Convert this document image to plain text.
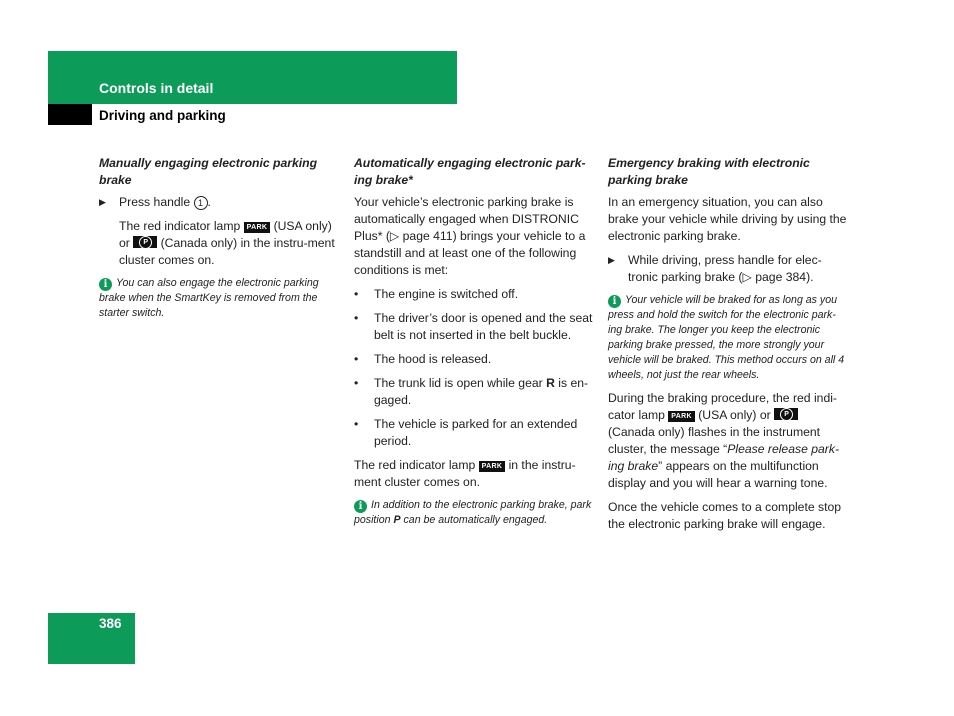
Controls in detail
Driving and parking
Manually engaging electronic parking brake
▶ Press handle 1 .

The red indicator lamp PARK (USA only) or	P	(Canada only) in the instru-ment cluster comes on.

i You can also engage the electronic parking brake when the SmartKey is removed from the starter switch.

Automatically engaging electronic park-ing brake*

Your vehicle’s electronic parking brake is automatically engaged when DISTRONIC Plus* (▷ page 411) brings your vehicle to a standstill and at least one of the following conditions is met:

• The engine is switched off.
• The driver’s door is opened and the seat belt is not inserted in the belt buckle.
• The hood is released.
• The trunk lid is open while gear R is en-gaged.
• The vehicle is parked for an extended period.

The red indicator lamp PARK in the instru-ment cluster comes on.

i In addition to the electronic parking brake, park position P can be automatically engaged.

Emergency braking with electronic parking brake

In an emergency situation, you can also brake your vehicle while driving by using the electronic parking brake.

▶ While driving, press handle for elec-tronic parking brake (▷ page 384).

i Your vehicle will be braked for as long as you press and hold the switch for the electronic park-ing brake. The longer you keep the electronic parking brake pressed, the more strongly your vehicle will be braked. This method occurs on all 4 wheels, not just the rear wheels.

During the braking procedure, the red indi-cator lamp PARK (USA only) or	P
(Canada only) flashes in the instrument cluster, the message “Please release park-ing brake” appears on the multifunction display and you will hear a warning tone.

Once the vehicle comes to a complete stop the electronic parking brake will engage.

386
